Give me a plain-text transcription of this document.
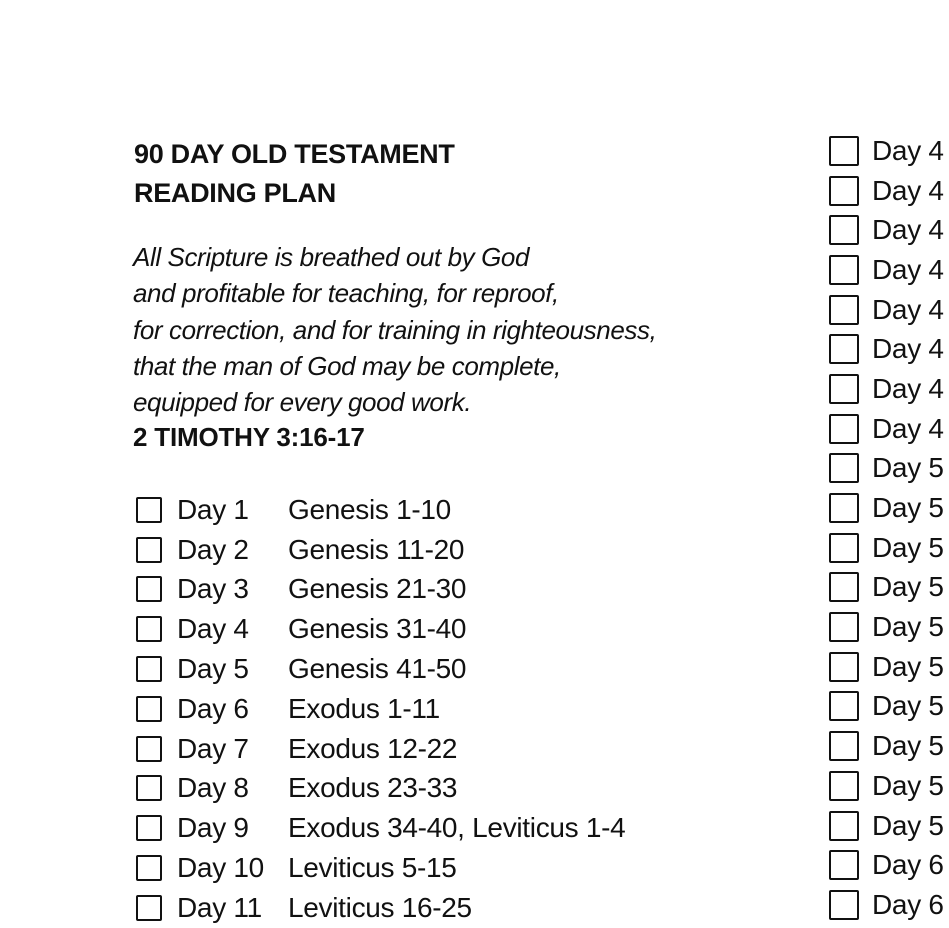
90 DAY OLD TESTAMENT
READING PLAN

All Scripture is breathed out by God
and profitable for teaching, for reproof,
for correction, and for training in righteousness,
that the man of God may be complete,
equipped for every good work.

2 TIMOTHY 3:16-17

Day 1	Genesis 1-10
Day 2	Genesis 11-20
Day 3	Genesis 21-30
Day 4	Genesis 31-40
Day 5	Genesis 41-50
Day 6	Exodus 1-11
Day 7	Exodus 12-22
Day 8	Exodus 23-33
Day 9	Exodus 34-40, Leviticus 1-4
Day 10 Leviticus 5-15
Day 11 Leviticus 16-25
Day 4
Day 4
Day 4
Day 4
Day 4
Day 4
Day 4
Day 4
Day 5
Day 5
Day 5
Day 5
Day 5
Day 5
Day 5
Day 5
Day 5
Day 5
Day 6
Day 6
